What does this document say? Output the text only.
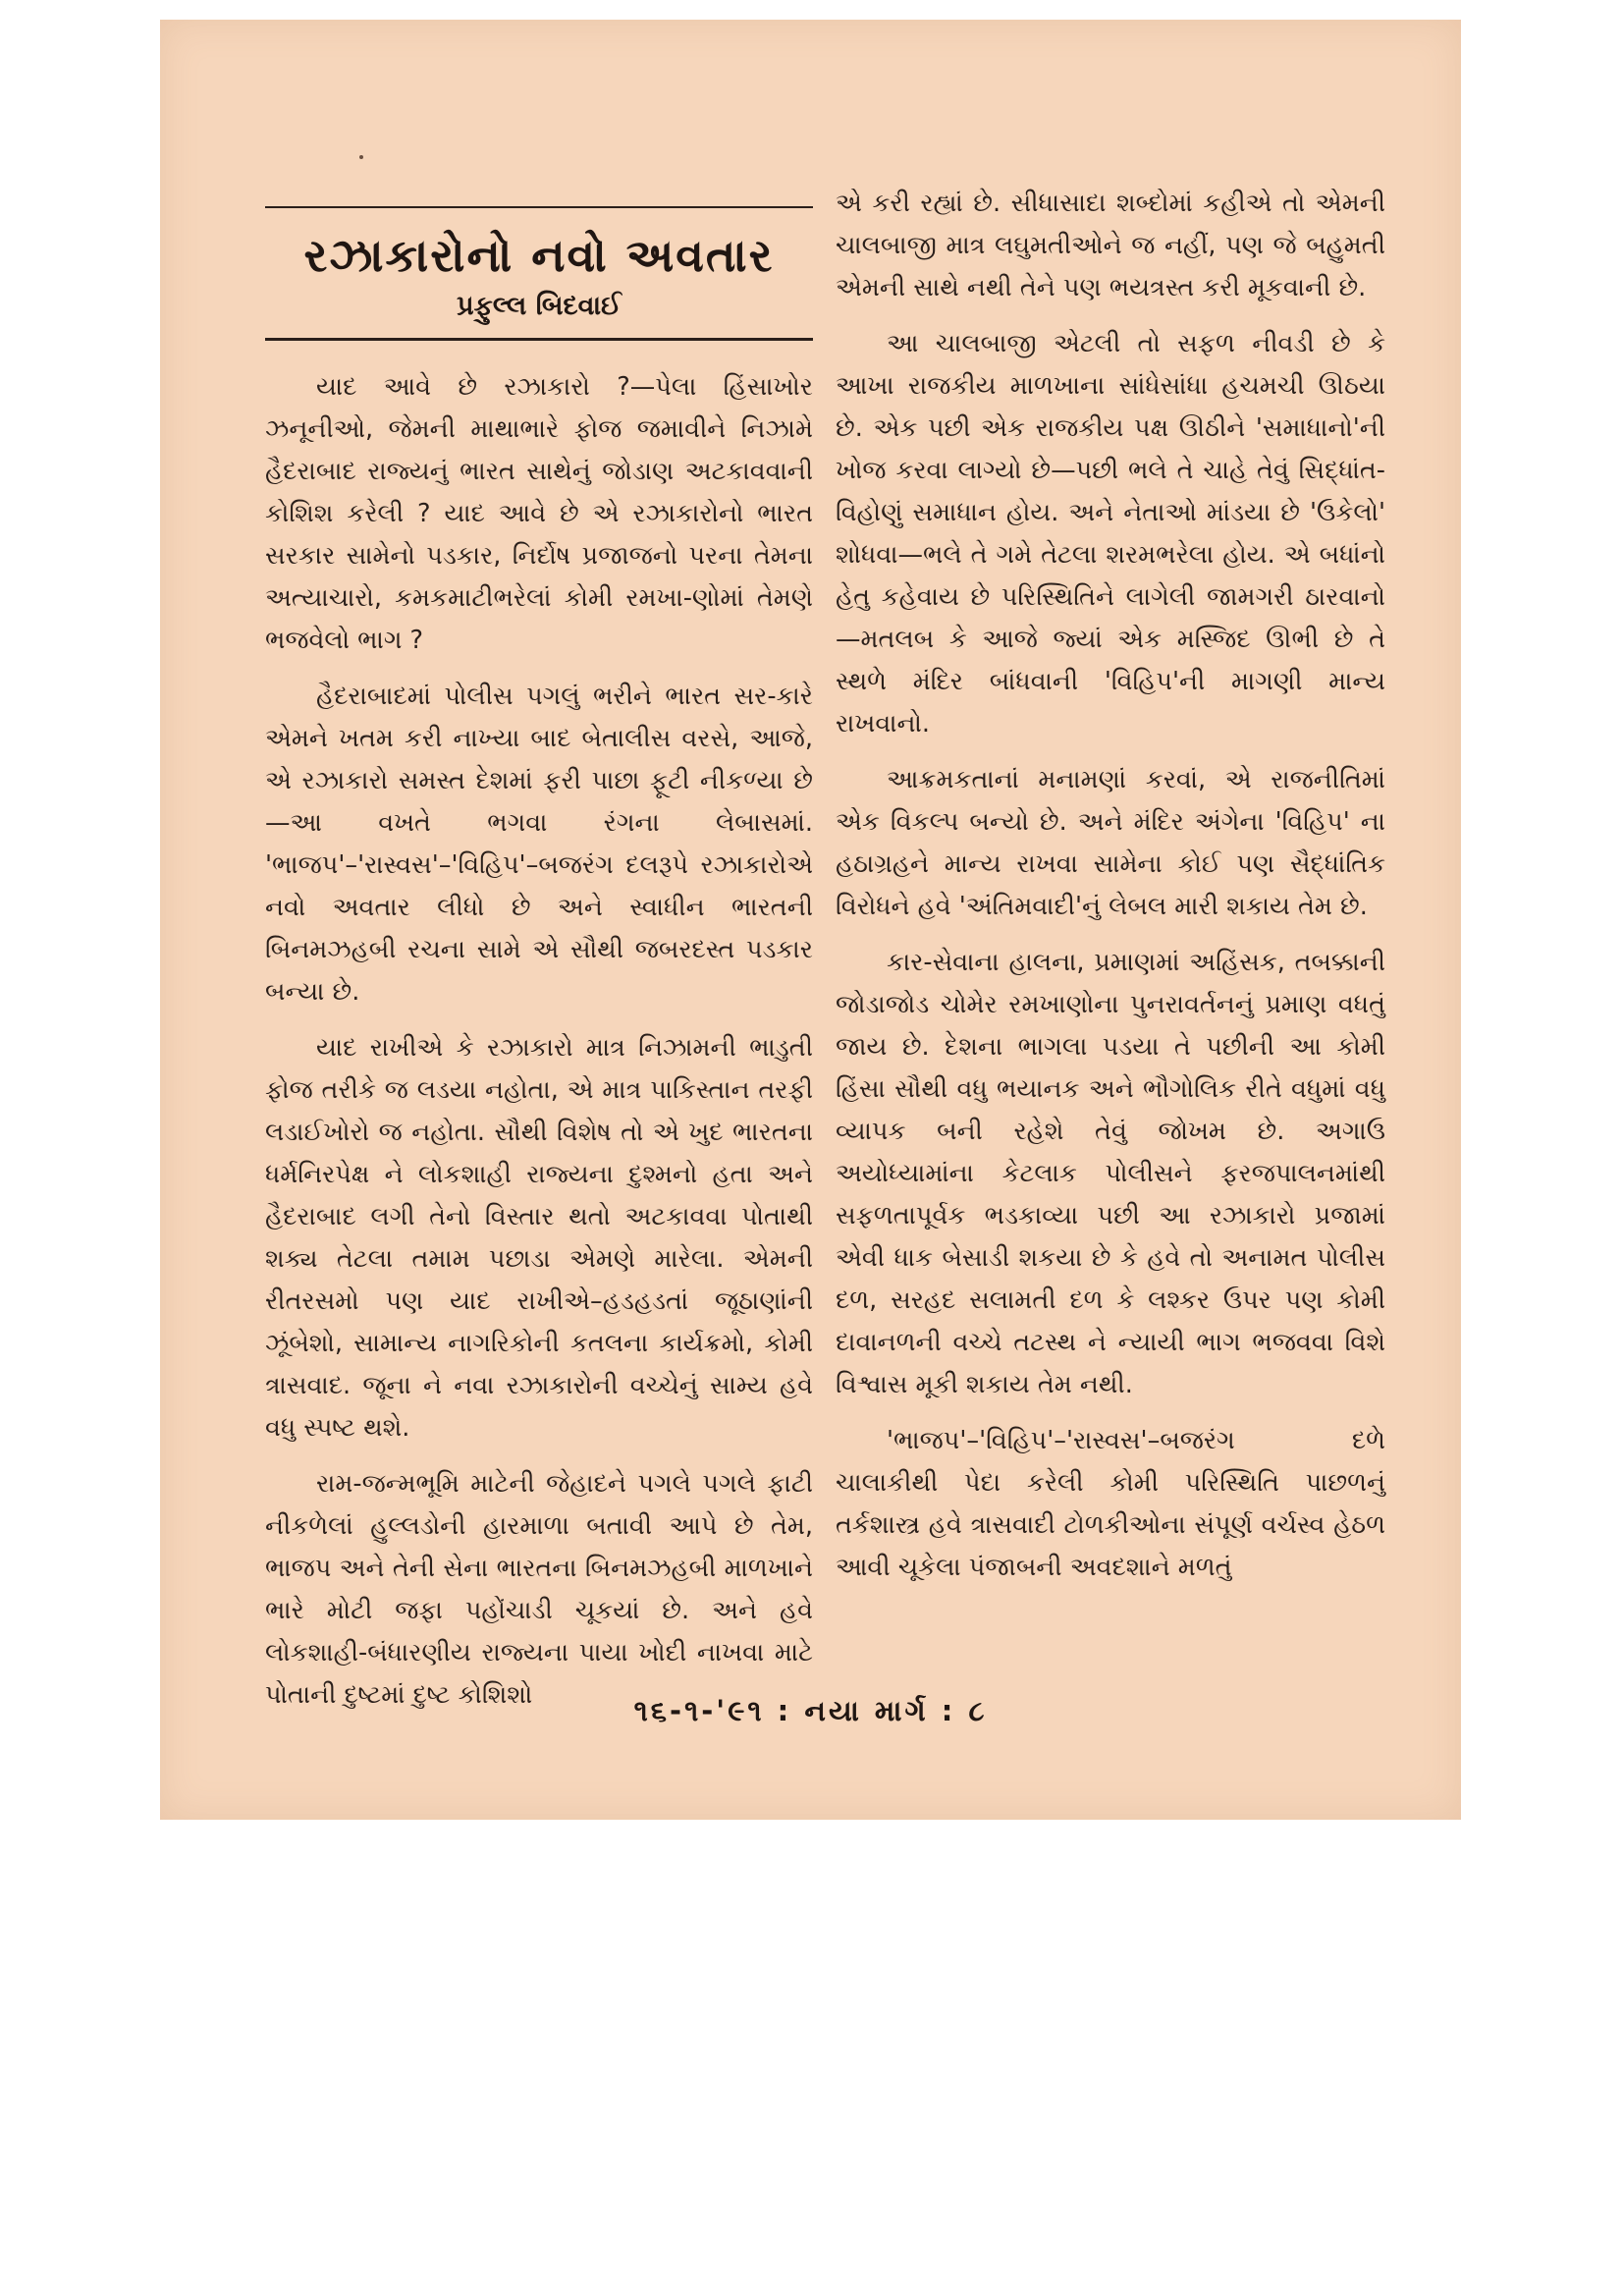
રઝાકારોનો નવો અવતાર
પ્રફુલ્લ બિદવાઈ

યાદ આવે છે રઝાકારો ?—પેલા હિંસાખોર ઝનૂનીઓ, જેમની માથાભારે ફોજ જમાવીને નિઝામે હૈદરાબાદ રાજ્યનું ભારત સાથેનું જોડાણ અટકાવવાની કોશિશ કરેલી ? યાદ આવે છે એ રઝાકારોનો ભારત સરકાર સામેનો પડકાર, નિર્દોષ પ્રજાજનો પરના તેમના અત્યાચારો, કમકમાટીભરેલાં કોમી રમખા-ણોમાં તેમણે ભજવેલો ભાગ ?

હૈદરાબાદમાં પોલીસ પગલું ભરીને ભારત સર-કારે એમને ખતમ કરી નાખ્યા બાદ બેતાલીસ વરસે, આજે, એ રઝાકારો સમસ્ત દેશમાં ફરી પાછા ફૂટી નીકળ્યા છે—આ વખતે ભગવા રંગના લેબાસમાં. 'ભાજપ'–'રાસ્વસ'–'વિહિપ'–બજરંગ દલરૂપે રઝાકારોએ નવો અવતાર લીધો છે અને સ્વાધીન ભારતની બિનમઝહબી રચના સામે એ સૌથી જબરદસ્ત પડકાર બન્યા છે.

યાદ રાખીએ કે રઝાકારો માત્ર નિઝામની ભાડુતી ફોજ તરીકે જ લડયા નહોતા, એ માત્ર પાકિસ્તાન તરફી લડાઈખોરો જ નહોતા. સૌથી વિશેષ તો એ ખુદ ભારતના ધર્મનિરપેક્ષ ને લોકશાહી રાજ્યના દુશ્મનો હતા અને હૈદરાબાદ લગી તેનો વિસ્તાર થતો અટકાવવા પોતાથી શક્ય તેટલા તમામ પછાડા એમણે મારેલા. એમની રીતરસમો પણ યાદ રાખીએ–હડહડતાં જૂઠાણાંની ઝૂંબેશો, સામાન્ય નાગરિકોની કતલના કાર્યક્રમો, કોમી ત્રાસવાદ. જૂના ને નવા રઝાકારોની વચ્ચેનું સામ્ય હવે વધુ સ્પષ્ટ થશે.

રામ-જન્મભૂમિ માટેની જેહાદને પગલે પગલે ફાટી નીકળેલાં હુલ્લડોની હારમાળા બતાવી આપે છે તેમ, ભાજપ અને તેની સેના ભારતના બિનમઝહબી માળખાને ભારે મોટી જફા પહોંચાડી ચૂકયાં છે. અને હવે લોકશાહી-બંધારણીય રાજ્યના પાયા ખોદી નાખવા માટે પોતાની દુષ્ટમાં દુષ્ટ કોશિશો

એ કરી રહ્યાં છે. સીધાસાદા શબ્દોમાં કહીએ તો એમની ચાલબાજી માત્ર લઘુમતીઓને જ નહીં, પણ જે બહુમતી એમની સાથે નથી તેને પણ ભયત્રસ્ત કરી મૂકવાની છે.

આ ચાલબાજી એટલી તો સફળ નીવડી છે કે આખા રાજકીય માળખાના સાંધેસાંધા હચમચી ઊઠયા છે. એક પછી એક રાજકીય પક્ષ ઊઠીને 'સમાધાનો'ની ખોજ કરવા લાગ્યો છે—પછી ભલે તે ચાહે તેવું સિદ્ધાંત-વિહોણું સમાધાન હોય. અને નેતાઓ માંડયા છે 'ઉકેલો' શોધવા—ભલે તે ગમે તેટલા શરમભરેલા હોય. એ બધાંનો હેતુ કહેવાય છે પરિસ્થિતિને લાગેલી જામગરી ઠારવાનો—મતલબ કે આજે જ્યાં એક મસ્જિદ ઊભી છે તે સ્થળે મંદિર બાંધવાની 'વિહિપ'ની માગણી માન્ય રાખવાનો.

આક્રમકતાનાં મનામણાં કરવાં, એ રાજનીતિમાં એક વિકલ્પ બન્યો છે. અને મંદિર અંગેના 'વિહિપ' ના હઠાગ્રહને માન્ય રાખવા સામેના કોઈ પણ સૈદ્ધાંતિક વિરોધને હવે 'અંતિમવાદી'નું લેબલ મારી શકાય તેમ છે.

કાર-સેવાના હાલના, પ્રમાણમાં અહિંસક, તબક્કાની જોડાજોડ ચોમેર રમખાણોના પુનરાવર્તનનું પ્રમાણ વધતું જાય છે. દેશના ભાગલા પડયા તે પછીની આ કોમી હિંસા સૌથી વધુ ભયાનક અને ભૌગોલિક રીતે વધુમાં વધુ વ્યાપક બની રહેશે તેવું જોખમ છે. અગાઉ અયોધ્યામાંના કેટલાક પોલીસને ફરજપાલનમાંથી સફળતાપૂર્વક ભડકાવ્યા પછી આ રઝાકારો પ્રજામાં એવી ધાક બેસાડી શકયા છે કે હવે તો અનામત પોલીસ દળ, સરહદ સલામતી દળ કે લશ્કર ઉપર પણ કોમી દાવાનળની વચ્ચે તટસ્થ ને ન્યાયી ભાગ ભજવવા વિશે વિશ્વાસ મૂકી શકાય તેમ નથી.

'ભાજપ'–'વિહિપ'–'રાસ્વસ'–બજરંગ દળે ચાલાકીથી પેદા કરેલી કોમી પરિસ્થિતિ પાછળનું તર્કશાસ્ત્ર હવે ત્રાસવાદી ટોળકીઓના સંપૂર્ણ વર્ચસ્વ હેઠળ આવી ચૂકેલા પંજાબની અવદશાને મળતું

૧૬-૧-'૯૧ : નયા માર્ગ : ૮
